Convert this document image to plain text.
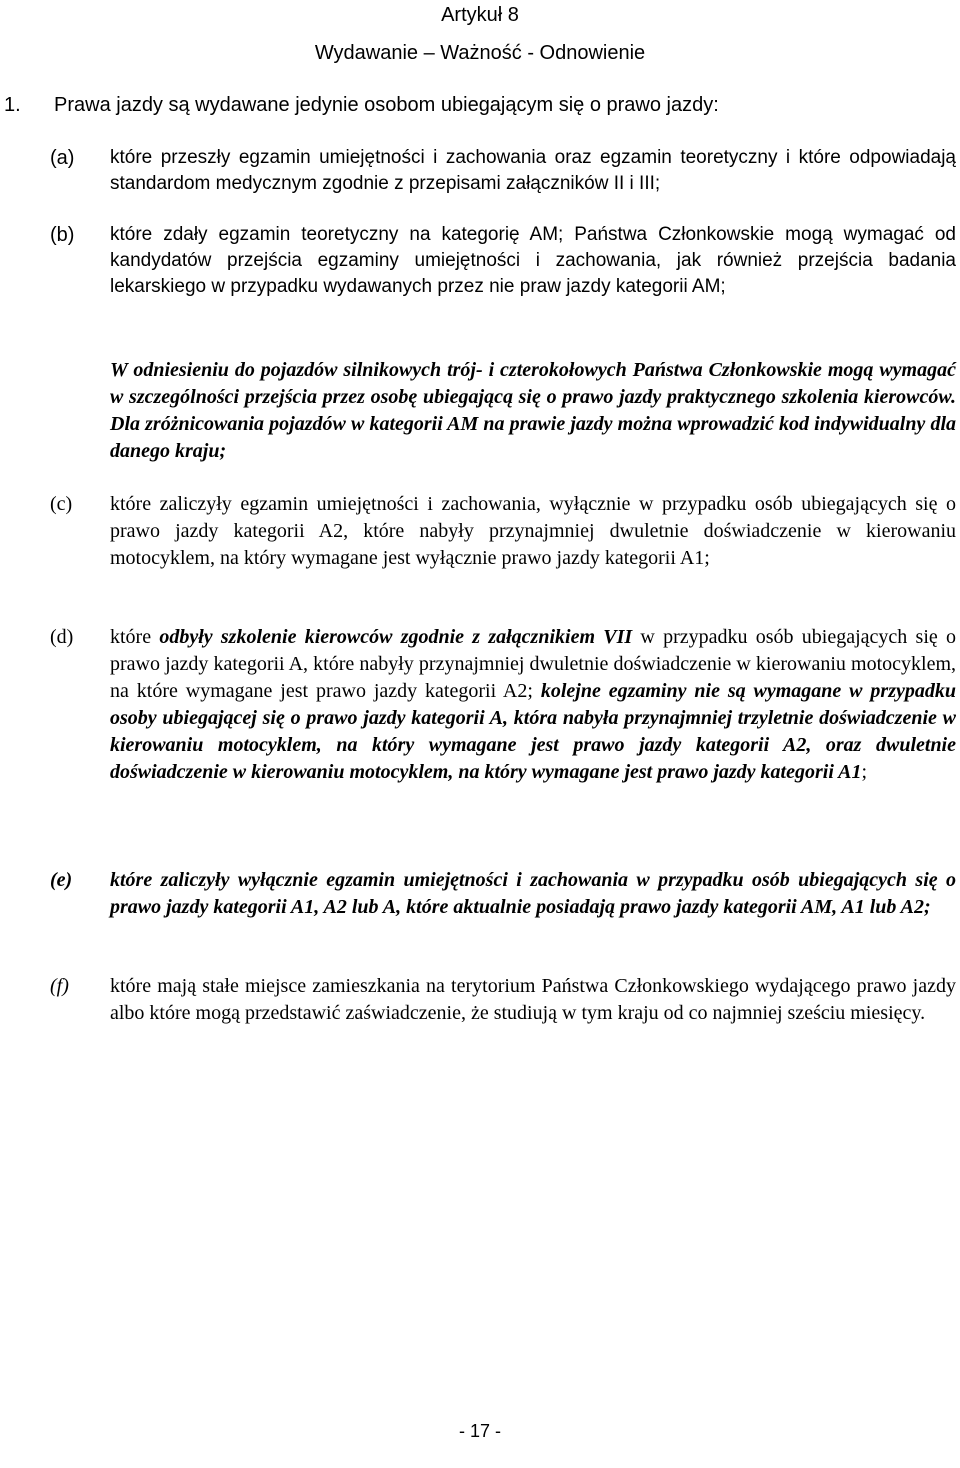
Artykuł 8
Wydawanie – Ważność - Odnowienie
1. Prawa jazdy są wydawane jedynie osobom ubiegającym się o prawo jazdy:
(a)	które przeszły egzamin umiejętności i zachowania oraz egzamin teoretyczny i które odpowiadają standardom medycznym zgodnie z przepisami załączników II i III;
(b)	które zdały egzamin teoretyczny na kategorię AM; Państwa Członkowskie mogą wymagać od kandydatów przejścia egzaminy umiejętności i zachowania, jak również przejścia badania lekarskiego w przypadku wydawanych przez nie praw jazdy kategorii AM;
W odniesieniu do pojazdów silnikowych trój- i czterokołowych Państwa Członkowskie mogą wymagać w szczególności przejścia przez osobę ubiegającą się o prawo jazdy praktycznego szkolenia kierowców. Dla zróżnicowania pojazdów w kategorii AM na prawie jazdy można wprowadzić kod indywidualny dla danego kraju;
(c)	które zaliczyły egzamin umiejętności i zachowania, wyłącznie w przypadku osób ubiegających się o prawo jazdy kategorii A2, które nabyły przynajmniej dwuletnie doświadczenie w kierowaniu motocyklem, na który wymagane jest wyłącznie prawo jazdy kategorii A1;
(d)	które odbyły szkolenie kierowców zgodnie z załącznikiem VII w przypadku osób ubiegających się o prawo jazdy kategorii A, które nabyły przynajmniej dwuletnie doświadczenie w kierowaniu motocyklem, na które wymagane jest prawo jazdy kategorii A2; kolejne egzaminy nie są wymagane w przypadku osoby ubiegającej się o prawo jazdy kategorii A, która nabyła przynajmniej trzyletnie doświadczenie w kierowaniu motocyklem, na który wymagane jest prawo jazdy kategorii A2, oraz dwuletnie doświadczenie w kierowaniu motocyklem, na który wymagane jest prawo jazdy kategorii A1;
(e)	które zaliczyły wyłącznie egzamin umiejętności i zachowania w przypadku osób ubiegających się o prawo jazdy kategorii A1, A2 lub A, które aktualnie posiadają prawo jazdy kategorii AM, A1 lub A2;
(f)	które mają stałe miejsce zamieszkania na terytorium Państwa Członkowskiego wydającego prawo jazdy albo które mogą przedstawić zaświadczenie, że studiują w tym kraju od co najmniej sześciu miesięcy.
- 17 -
